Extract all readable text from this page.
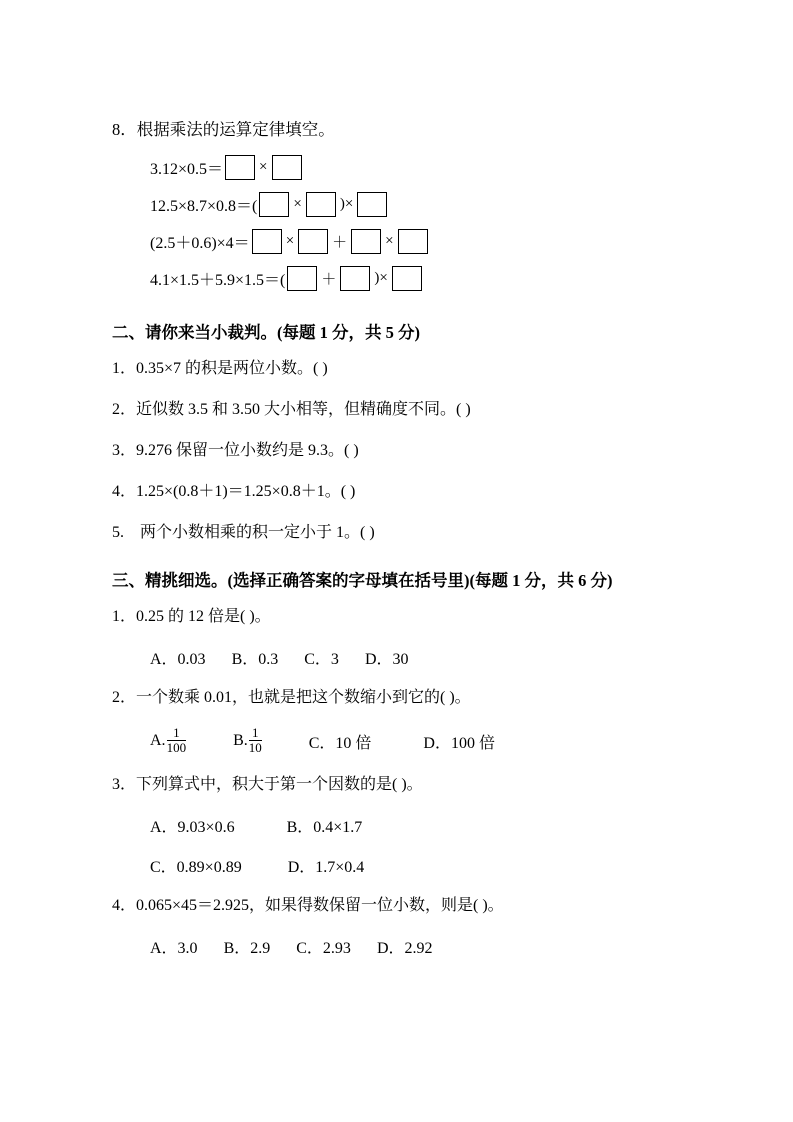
8．根据乘法的运算定律填空。
3.12×0.5＝ ×
12.5×8.7×0.8＝( ×	)×
(2.5＋0.6)×4＝ ×	＋	×
4.1×1.5＋5.9×1.5＝( ＋	)×
二、请你来当小裁判。(每题 1 分，共 5 分)
1．0.35×7 的积是两位小数。( )
2．近似数 3.5 和 3.50 大小相等，但精确度不同。( )
3．9.276 保留一位小数约是 9.3。( )
4．1.25×(0.8＋1)＝1.25×0.8＋1。( )
5.　两个小数相乘的积一定小于 1。( )
三、精挑细选。(选择正确答案的字母填在括号里)(每题 1 分，共 6 分)
1．0.25 的 12 倍是( )。
A．0.03 B．0.3 C．3 D．30
2．一个数乘 0.01，也就是把这个数缩小到它的( )。
A. $\frac{1}{100}$	B. $\frac{1}{10}$	C．10 倍	D．100 倍
3．下列算式中，积大于第一个因数的是( )。
A．9.03×0.6	B．0.4×1.7
C．0.89×0.89	D．1.7×0.4
4．0.065×45＝2.925，如果得数保留一位小数，则是( )。
A．3.0 B．2.9 C．2.93 D．2.92
